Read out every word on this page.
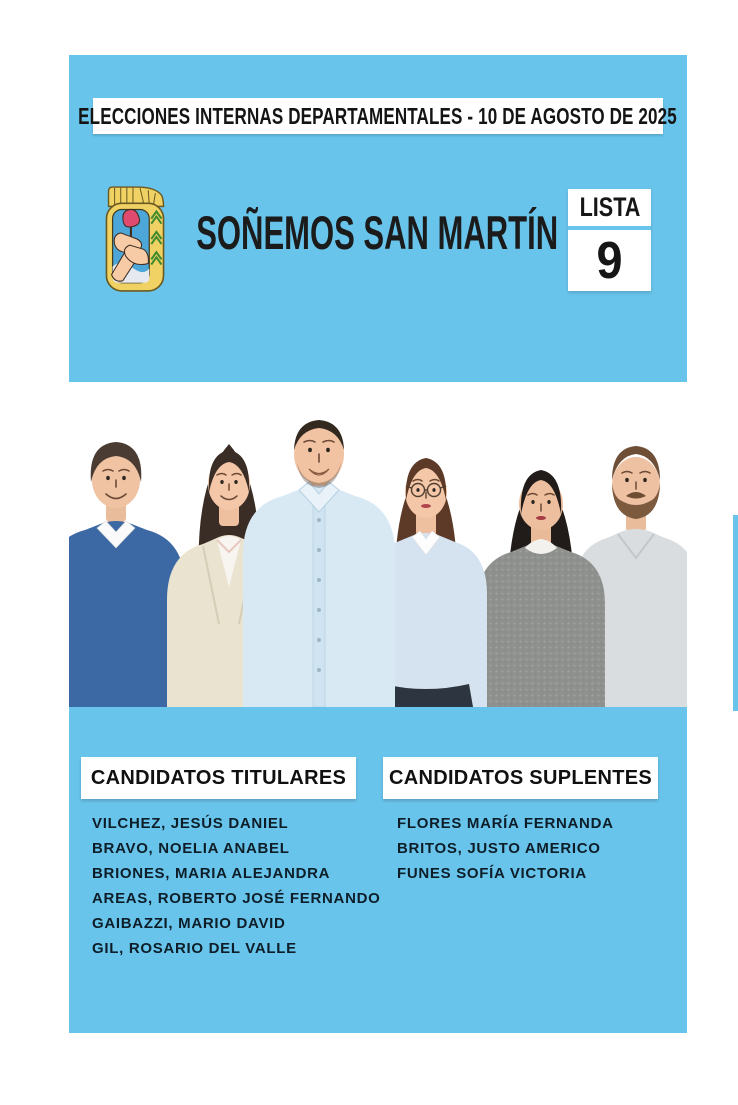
ELECCIONES INTERNAS DEPARTAMENTALES - 10 DE AGOSTO DE 2025
SOÑEMOS SAN MARTÍN LISTA
9
CANDIDATOS TITULARES CANDIDATOS SUPLENTES
VILCHEZ, JESÚS DANIEL
BRAVO, NOELIA ANABEL
BRIONES, MARIA ALEJANDRA
AREAS, ROBERTO JOSÉ FERNANDO
GAIBAZZI, MARIO DAVID
GIL, ROSARIO DEL VALLE
FLORES MARÍA FERNANDA
BRITOS, JUSTO AMERICO
FUNES SOFÍA VICTORIA
